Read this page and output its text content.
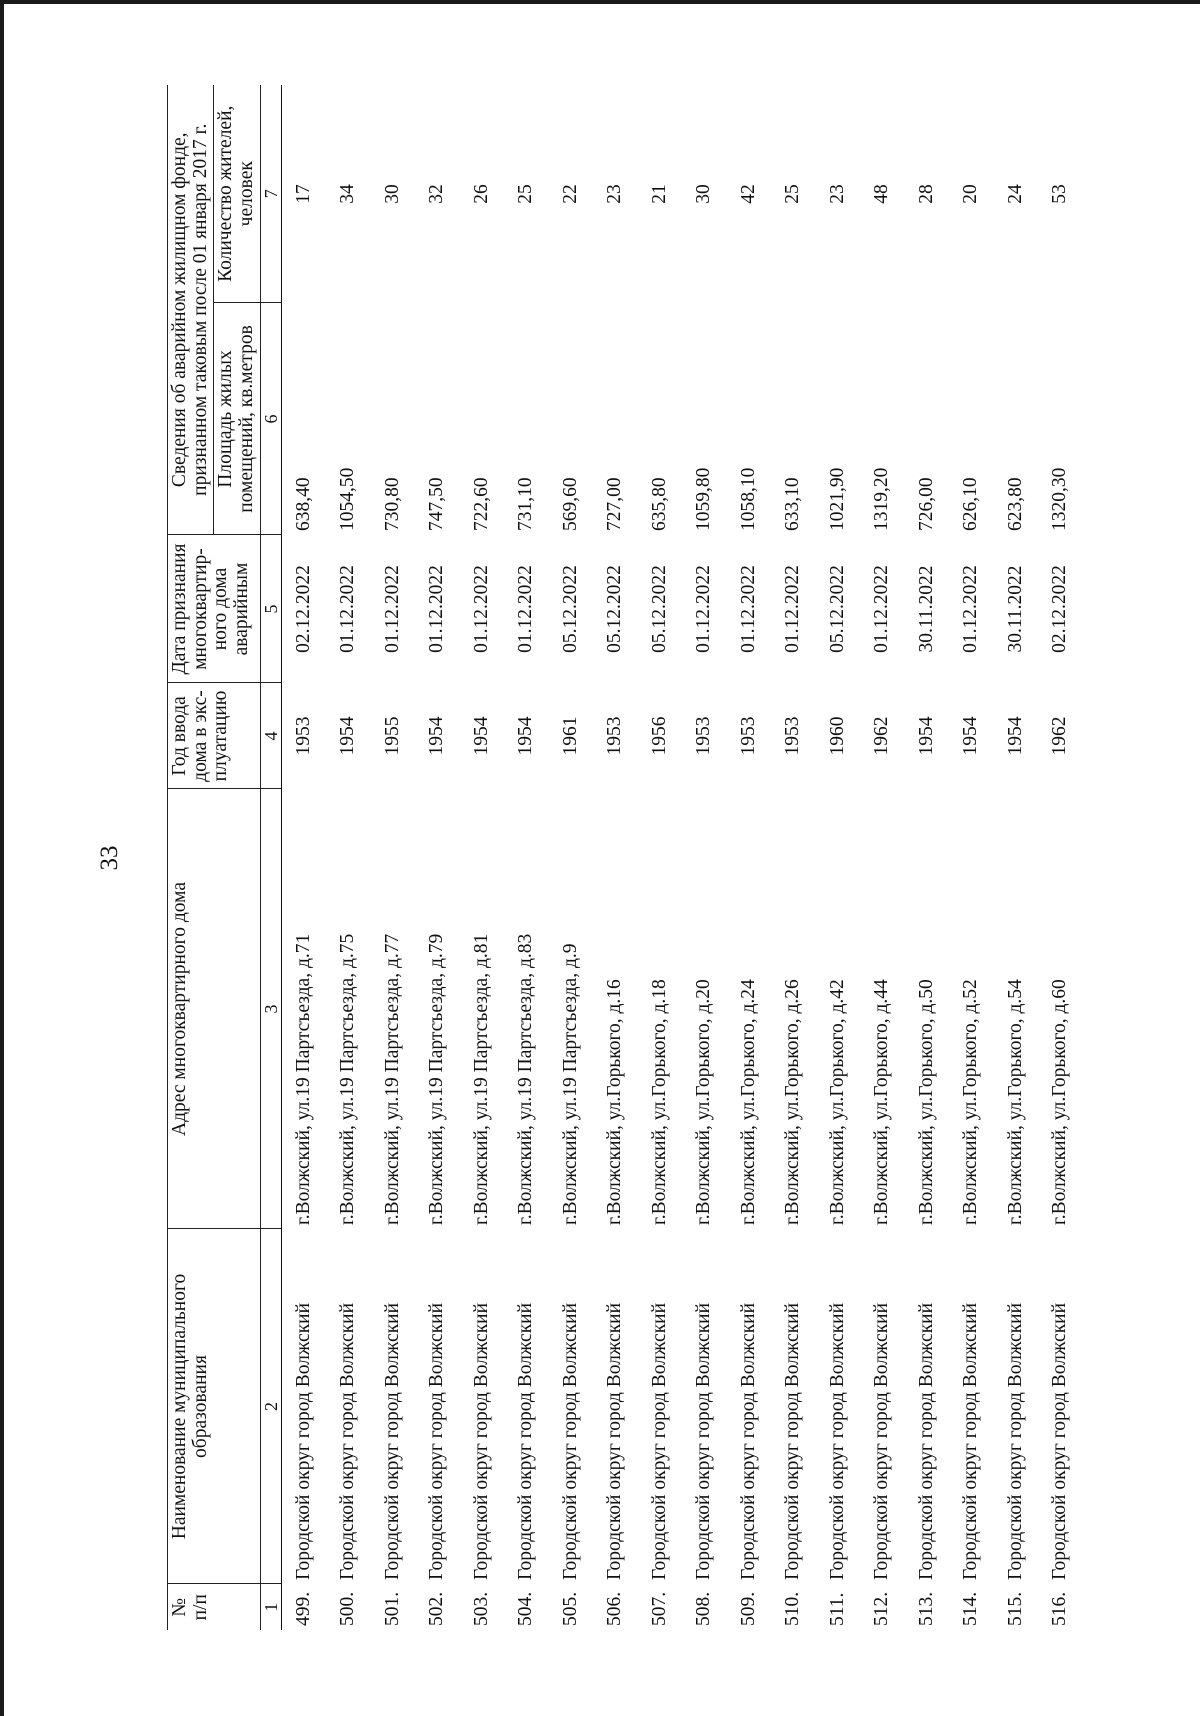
33
№ п/п	Наименование муниципального образования	Адрес многоквартирного дома	Год ввода дома в экс-плуатацию	Дата признания многоквартир-ного дома аварийным	Сведения об аварийном жилищном фонде, признанном таковым после 01 января 2017 г.	
					Площадь жилых помещений, кв.метров	Количество жителей, человек
1	2	3	4	5	6	7
499.	Городской округ город Волжский	г.Волжский, ул.19 Партсъезда, д.71	1953	02.12.2022	638,40	17
500.	Городской округ город Волжский	г.Волжский, ул.19 Партсъезда, д.75	1954	01.12.2022	1054,50	34
501.	Городской округ город Волжский	г.Волжский, ул.19 Партсъезда, д.77	1955	01.12.2022	730,80	30
502.	Городской округ город Волжский	г.Волжский, ул.19 Партсъезда, д.79	1954	01.12.2022	747,50	32
503.	Городской округ город Волжский	г.Волжский, ул.19 Партсъезда, д.81	1954	01.12.2022	722,60	26
504.	Городской округ город Волжский	г.Волжский, ул.19 Партсъезда, д.83	1954	01.12.2022	731,10	25
505.	Городской округ город Волжский	г.Волжский, ул.19 Партсъезда, д.9	1961	05.12.2022	569,60	22
506.	Городской округ город Волжский	г.Волжский, ул.Горького, д.16	1953	05.12.2022	727,00	23
507.	Городской округ город Волжский	г.Волжский, ул.Горького, д.18	1956	05.12.2022	635,80	21
508.	Городской округ город Волжский	г.Волжский, ул.Горького, д.20	1953	01.12.2022	1059,80	30
509.	Городской округ город Волжский	г.Волжский, ул.Горького, д.24	1953	01.12.2022	1058,10	42
510.	Городской округ город Волжский	г.Волжский, ул.Горького, д.26	1953	01.12.2022	633,10	25
511.	Городской округ город Волжский	г.Волжский, ул.Горького, д.42	1960	05.12.2022	1021,90	23
512.	Городской округ город Волжский	г.Волжский, ул.Горького, д.44	1962	01.12.2022	1319,20	48
513.	Городской округ город Волжский	г.Волжский, ул.Горького, д.50	1954	30.11.2022	726,00	28
514.	Городской округ город Волжский	г.Волжский, ул.Горького, д.52	1954	01.12.2022	626,10	20
515.	Городской округ город Волжский	г.Волжский, ул.Горького, д.54	1954	30.11.2022	623,80	24
516.	Городской округ город Волжский	г.Волжский, ул.Горького, д.60	1962	02.12.2022	1320,30	53
